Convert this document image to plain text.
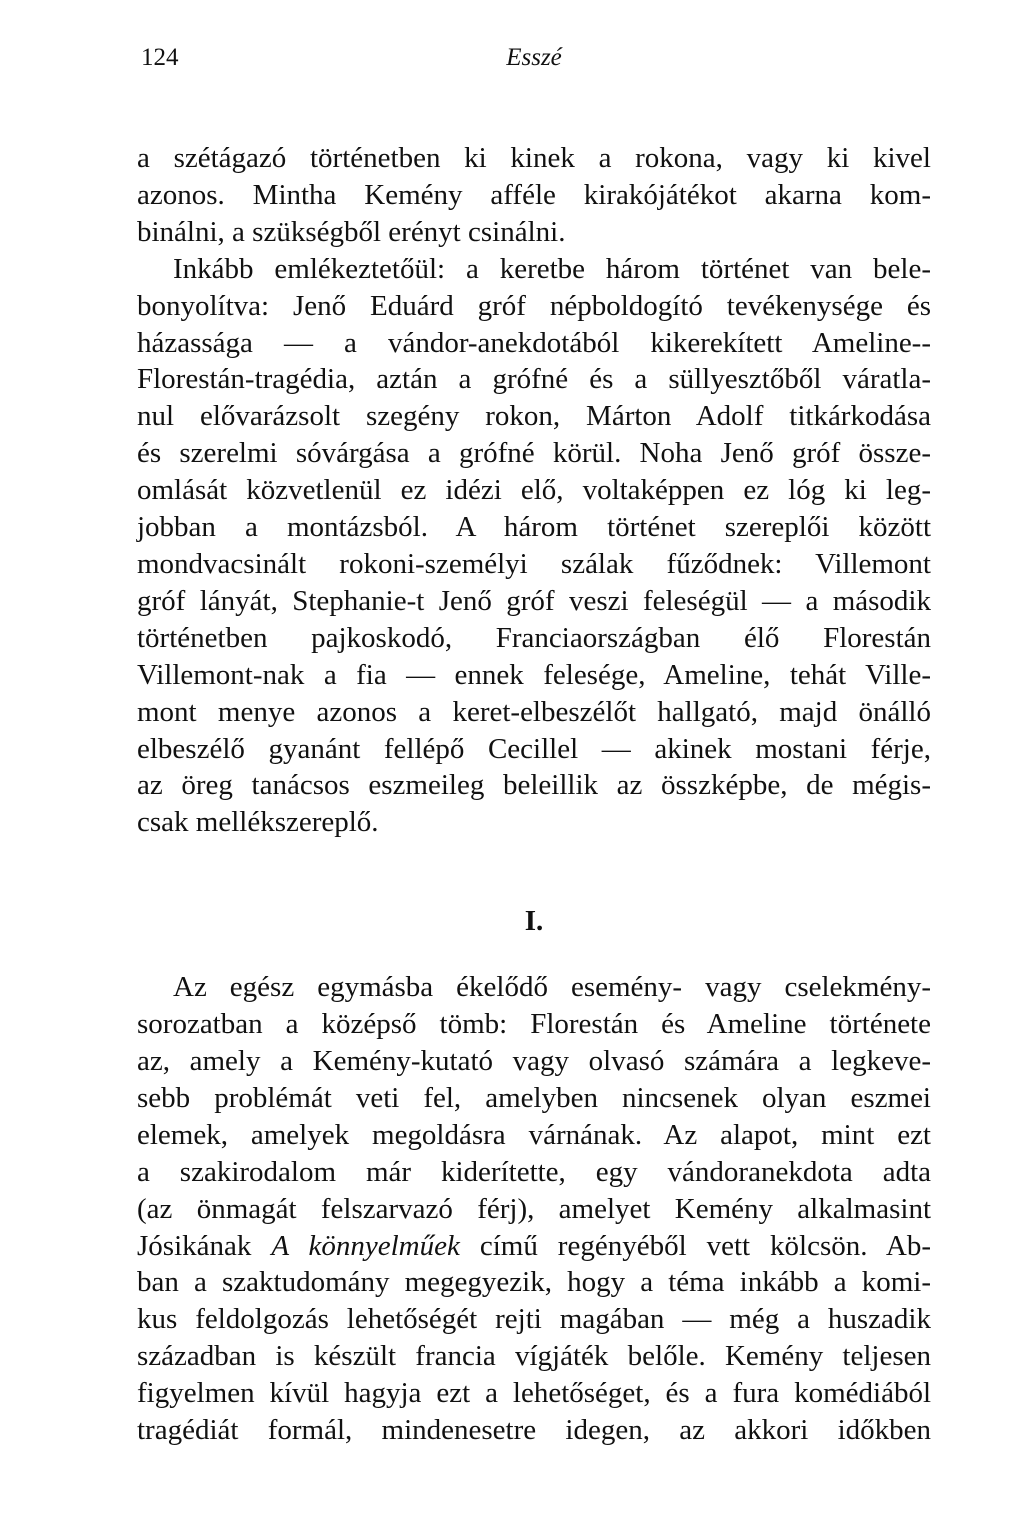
124	Esszé

a szétágazó történetben ki kinek a rokona, vagy ki kivel
azonos. Mintha Kemény afféle kirakójátékot akarna kom-
binálni, a szükségből erényt csinálni.

Inkább emlékeztetőül: a keretbe három történet van bele-
bonyolítva: Jenő Eduárd gróf népboldogító tevékenysége és
házassága — a vándor-anekdotából kikerekített Ameline--
Florestán-tragédia, aztán a grófné és a süllyesztőből váratla-
nul elővarázsolt szegény rokon, Márton Adolf titkárkodása
és szerelmi sóvárgása a grófné körül. Noha Jenő gróf össze-
omlását közvetlenül ez idézi elő, voltaképpen ez lóg ki leg-
jobban a montázsból. A három történet szereplői között
mondvacsinált rokoni-személyi szálak fűződnek: Villemont
gróf lányát, Stephanie-t Jenő gróf veszi feleségül — a második
történetben pajkoskodó, Franciaországban élő Florestán
Villemont-nak a fia — ennek felesége, Ameline, tehát Ville-
mont menye azonos a keret-elbeszélőt hallgató, majd önálló
elbeszélő gyanánt fellépő Cecillel — akinek mostani férje,
az öreg tanácsos eszmeileg beleillik az összképbe, de mégis-
csak mellékszereplő.

I.

Az egész egymásba ékelődő esemény- vagy cselekmény-
sorozatban a középső tömb: Florestán és Ameline története
az, amely a Kemény-kutató vagy olvasó számára a legkeve-
sebb problémát veti fel, amelyben nincsenek olyan eszmei
elemek, amelyek megoldásra várnának. Az alapot, mint ezt
a szakirodalom már kiderítette, egy vándoranekdota adta
(az önmagát felszarvazó férj), amelyet Kemény alkalmasint
Jósikának A könnyelműek című regényéből vett kölcsön. Ab-
ban a szaktudomány megegyezik, hogy a téma inkább a komi-
kus feldolgozás lehetőségét rejti magában — még a huszadik
században is készült francia vígjáték belőle. Kemény teljesen
figyelmen kívül hagyja ezt a lehetőséget, és a fura komédiából
tragédiát formál, mindenesetre idegen, az akkori időkben
